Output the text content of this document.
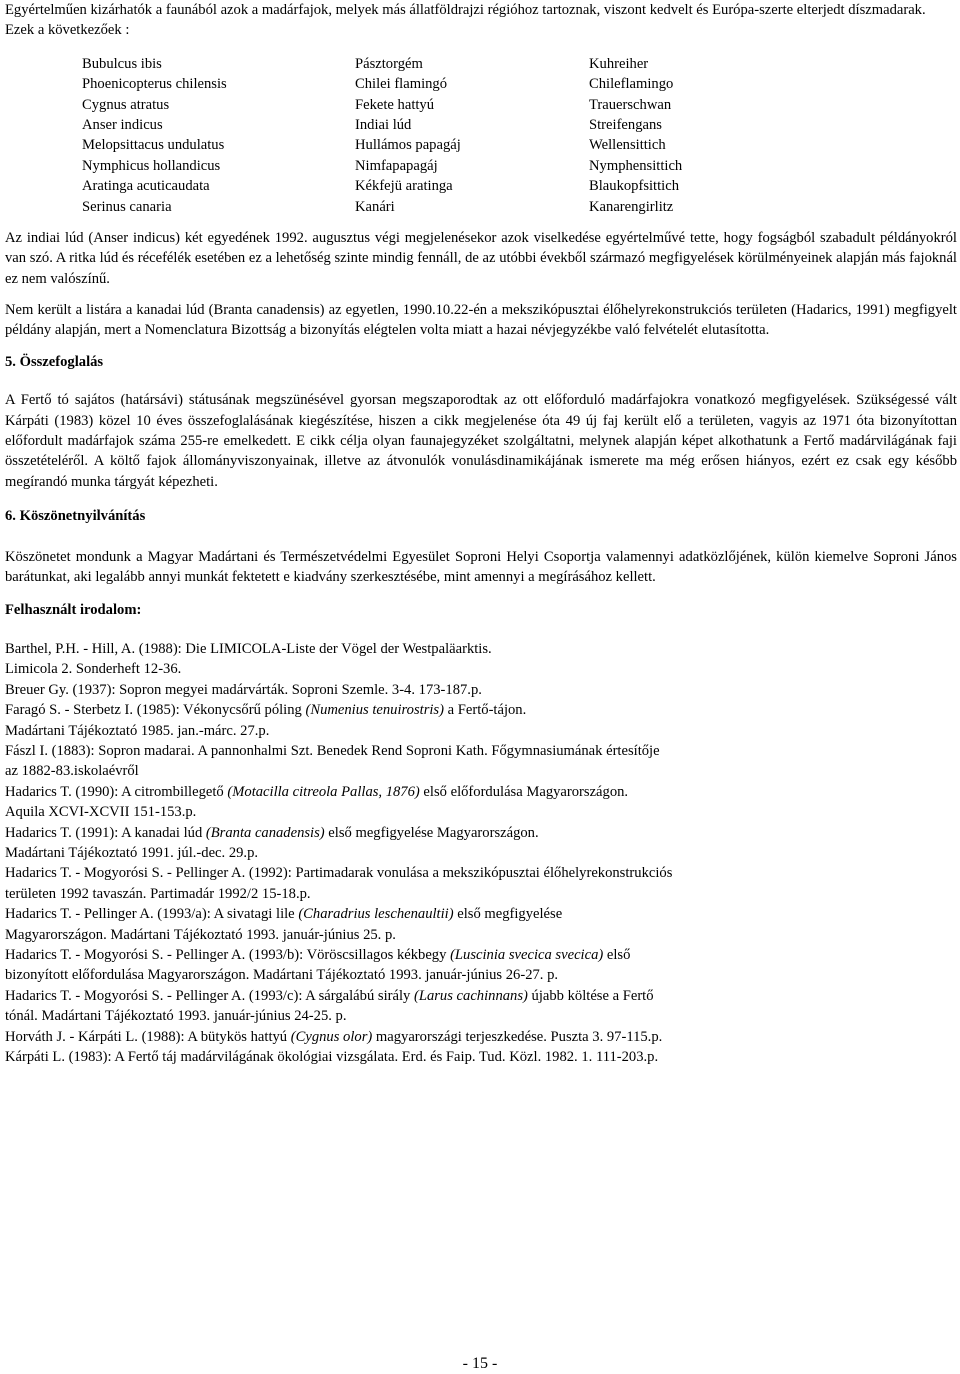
Egyértelműen kizárhatók a faunából azok a madárfajok, melyek más állatföldrajzi régióhoz tartoznak, viszont kedvelt és Európa-szerte elterjedt díszmadarak.

Ezek a következőek :

Bubulcus ibis	Pásztorgém	Kuhreiher
Phoenicopterus chilensis	Chilei flamingó	Chileflamingo
Cygnus atratus	Fekete hattyú	Trauerschwan
Anser indicus	Indiai lúd	Streifengans
Melopsittacus undulatus	Hullámos papagáj	Wellensittich
Nymphicus hollandicus	Nimfapapagáj	Nymphensittich
Aratinga acuticaudata	Kékfejü aratinga	Blaukopfsittich
Serinus canaria	Kanári	Kanarengirlitz

Az indiai lúd (Anser indicus) két egyedének 1992. augusztus végi megjelenésekor azok viselkedése egyértelművé tette, hogy fogságból szabadult példányokról van szó. A ritka lúd és récefélék esetében ez a lehetőség szinte mindig fennáll, de az utóbbi évekből származó megfigyelések körülményeinek alapján más fajoknál ez nem valószínű.

Nem került a listára a kanadai lúd (Branta canadensis) az egyetlen, 1990.10.22-én a mekszikópusztai élőhelyrekonstrukciós területen (Hadarics, 1991) megfigyelt példány alapján, mert a Nomenclatura Bizottság a bizonyítás elégtelen volta miatt a hazai névjegyzékbe való felvételét elutasította.

5. Összefoglalás

A Fertő tó sajátos (határsávi) státusának megszünésével gyorsan megszaporodtak az ott előforduló madárfajokra vonatkozó megfigyelések. Szükségessé vált Kárpáti (1983) közel 10 éves összefoglalásának kiegészítése, hiszen a cikk megjelenése óta 49 új faj került elő a területen, vagyis az 1971 óta bizonyítottan előfordult madárfajok száma 255-re emelkedett. E cikk célja olyan faunajegyzéket szolgáltatni, melynek alapján képet alkothatunk a Fertő madárvilágának faji összetételéről. A költő fajok állományviszonyainak, illetve az átvonulók vonulásdinamikájának ismerete ma még erősen hiányos, ezért ez csak egy később megírandó munka tárgyát képezheti.

6. Köszönetnyilvánítás

Köszönetet mondunk a Magyar Madártani és Természetvédelmi Egyesület Soproni Helyi Csoportja valamennyi adatközlőjének, külön kiemelve Soproni János barátunkat, aki legalább annyi munkát fektetett e kiadvány szerkesztésébe, mint amennyi a megírásához kellett.

Felhasznált irodalom:

Barthel, P.H. - Hill, A. (1988): Die LIMICOLA-Liste der Vögel der Westpaläarktis.
Limicola 2. Sonderheft 12-36.

Breuer Gy. (1937): Sopron megyei madárvárták. Soproni Szemle. 3-4. 173-187.p.

Faragó S. - Sterbetz I. (1985): Vékonycsőrű póling (Numenius tenuirostris) a Fertő-tájon.
Madártani Tájékoztató 1985. jan.-márc. 27.p.

Fászl I. (1883): Sopron madarai. A pannonhalmi Szt. Benedek Rend Soproni Kath. Főgymnasiumának értesítője
az 1882-83.iskolaévről

Hadarics T. (1990): A citrombillegető (Motacilla citreola Pallas, 1876) első előfordulása Magyarországon.
Aquila XCVI-XCVII 151-153.p.

Hadarics T. (1991): A kanadai lúd (Branta canadensis) első megfigyelése Magyarországon.
Madártani Tájékoztató 1991. júl.-dec. 29.p.

Hadarics T. - Mogyorósi S. - Pellinger A. (1992): Partimadarak vonulása a mekszikópusztai élőhelyrekonstrukciós
területen 1992 tavaszán. Partimadár 1992/2 15-18.p.

Hadarics T. - Pellinger A. (1993/a): A sivatagi lile (Charadrius leschenaultii) első megfigyelése
Magyarországon. Madártani Tájékoztató 1993. január-június 25. p.

Hadarics T. - Mogyorósi S. - Pellinger A. (1993/b): Vöröscsillagos kékbegy (Luscinia svecica svecica) első
bizonyított előfordulása Magyarországon. Madártani Tájékoztató 1993. január-június 26-27. p.

Hadarics T. - Mogyorósi S. - Pellinger A. (1993/c): A sárgalábú sirály (Larus cachinnans) újabb költése a Fertő
tónál. Madártani Tájékoztató 1993. január-június 24-25. p.

Horváth J. - Kárpáti L. (1988): A bütykös hattyú (Cygnus olor) magyarországi terjeszkedése. Puszta 3. 97-115.p.

Kárpáti L. (1983): A Fertő táj madárvilágának ökológiai vizsgálata. Erd. és Faip. Tud. Közl. 1982. 1. 111-203.p.

- 15 -
